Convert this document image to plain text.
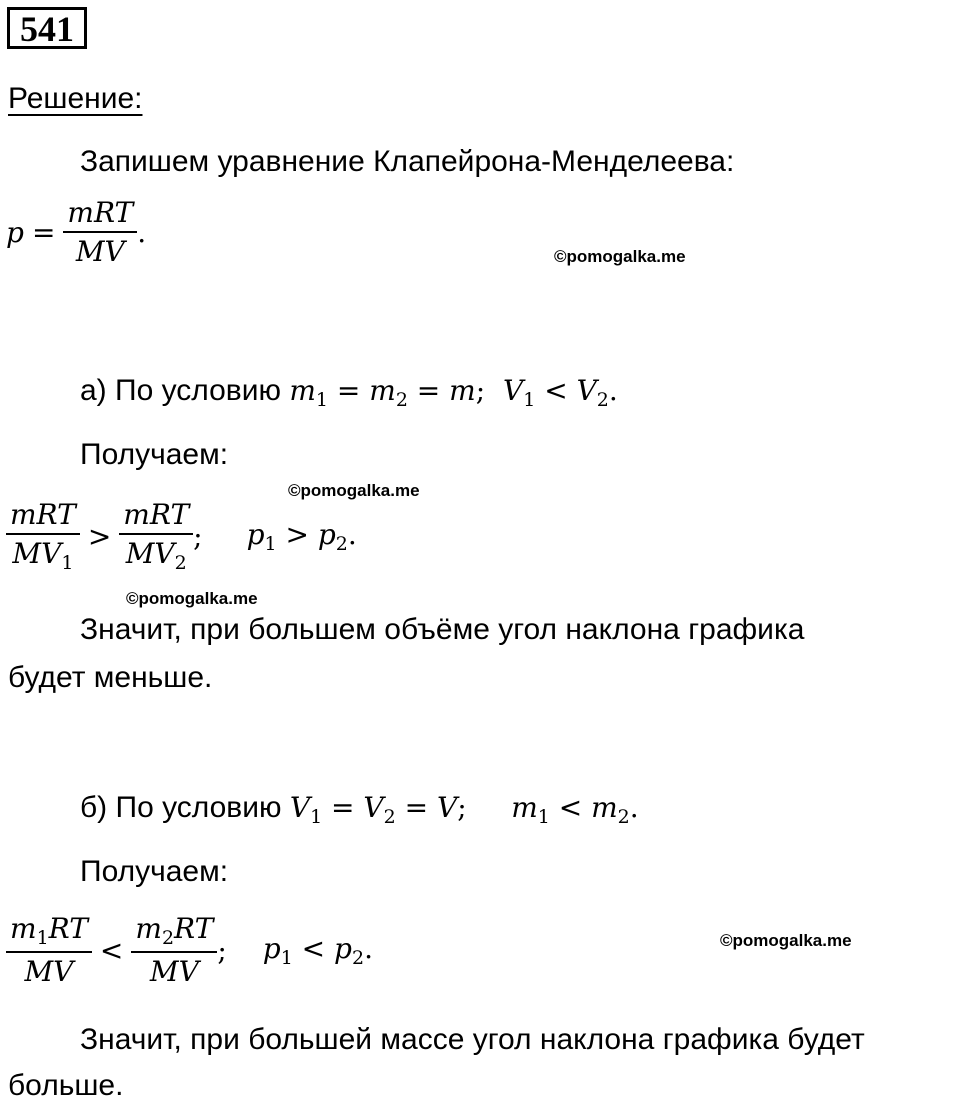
541
Решение:
Запишем уравнение Клапейрона-Менделеева:
$p = \frac{\text{mRT}}{MV}$ .
©pomogalka.me
а) По условию $m_1 = m_2 = m$;  $V_1 < V_2$.
Получаем:
©pomogalka.me
$\frac{\text{mRT}}{MV_1} > \frac{\text{mRT}}{MV_2}$ ; $p_1 > p_2$.
©pomogalka.me
Значит, при большем объёме угол наклона графика
будет меньше.
б) По условию $V_1 = V_2 = V$;     $m_1 < m_2$.
Получаем:
$\frac{m_1RT}{MV} < \frac{m_2RT}{MV}$ ; $p_1 < p_2$.	©pomogalka.me
Значит, при большей массе угол наклона графика будет
больше.
